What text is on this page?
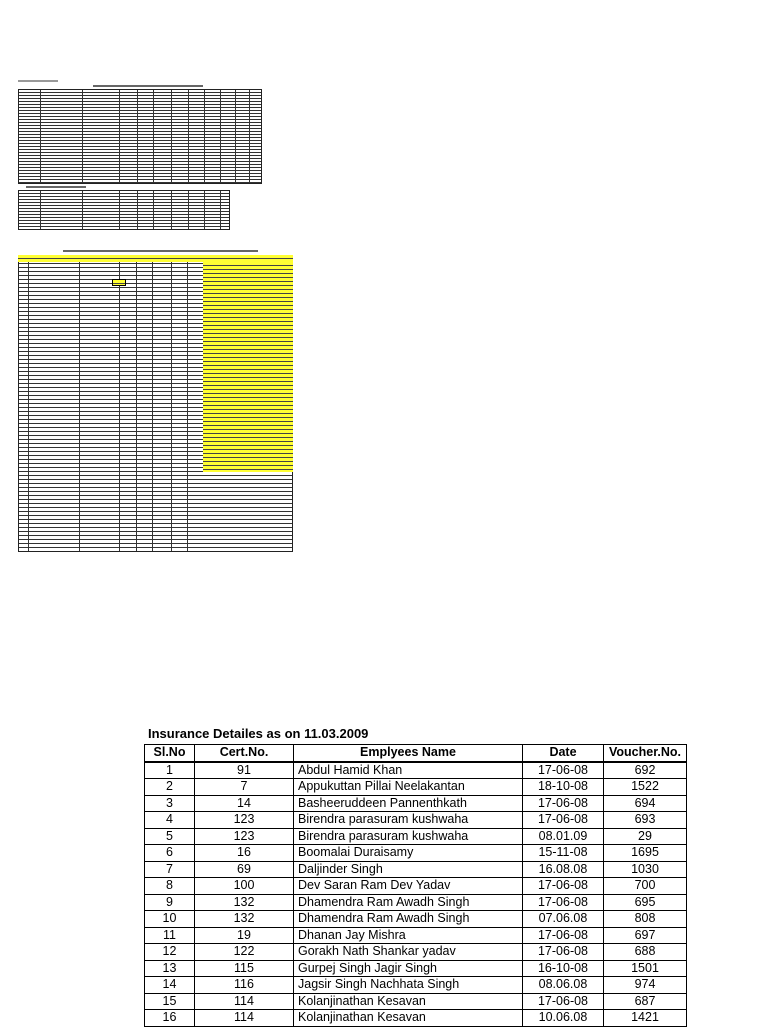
Insurance Detailes as on 11.03.2009
Sl.No	Cert.No.	Emplyees Name	Date	Voucher.No.
1	91	Abdul Hamid Khan	17-06-08	692
2	7	Appukuttan Pillai Neelakantan	18-10-08	1522
3	14	Basheeruddeen Pannenthkath	17-06-08	694
4	123	Birendra parasuram kushwaha	17-06-08	693
5	123	Birendra parasuram kushwaha	08.01.09	29
6	16	Boomalai Duraisamy	15-11-08	1695
7	69	Daljinder Singh	16.08.08	1030
8	100	Dev Saran Ram Dev Yadav	17-06-08	700
9	132	Dhamendra Ram Awadh Singh	17-06-08	695
10	132	Dhamendra Ram Awadh Singh	07.06.08	808
11	19	Dhanan Jay Mishra	17-06-08	697
12	122	Gorakh Nath Shankar yadav	17-06-08	688
13	115	Gurpej Singh Jagir Singh	16-10-08	1501
14	116	Jagsir Singh Nachhata Singh	08.06.08	974
15	114	Kolanjinathan Kesavan	17-06-08	687
16	114	Kolanjinathan Kesavan	10.06.08	1421
